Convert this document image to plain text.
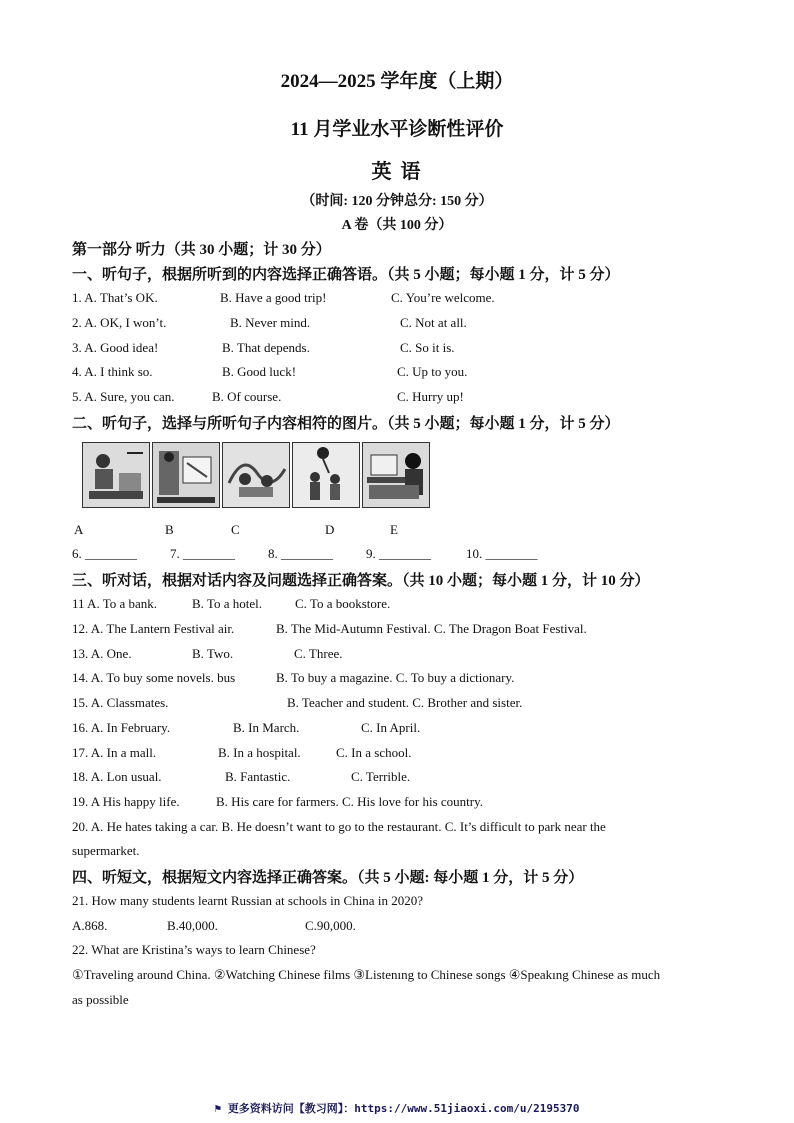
2024—2025 学年度（上期）
11 月学业水平诊断性评价
英 语
（时间: 120 分钟总分: 150 分）
A 卷（共 100 分）
第一部分 听力（共 30 小题；计 30 分）
一、听句子，根据所听到的内容选择正确答语。（共 5 小题；每小题 1 分，计 5 分）
1. A. That’s OK.	B. Have a good trip!	C. You’re welcome.
2. A. OK, I won’t.	B. Never mind.	C. Not at all.
3. A. Good idea!	B. That depends.	C. So it is.
4. A. I think so.	B. Good luck!	C. Up to you.
5. A. Sure, you can.	B. Of course.	C. Hurry up!
二、听句子，选择与所听句子内容相符的图片。（共 5 小题；每小题 1 分，计 5 分）
A	B	C	D	E
6. ________	7. ________	8. ________	9. ________	10. ________
三、听对话，根据对话内容及问题选择正确答案。（共 10 小题；每小题 1 分，计 10 分）
11 A. To a bank.	B. To a hotel.	C. To a bookstore.
12. A. The Lantern Festival air.	B. The Mid-Autumn Festival. C. The Dragon Boat Festival.
13. A. One.	B. Two.	C. Three.
14. A. To buy some novels. bus	B. To buy a magazine. C. To buy a dictionary.
15. A. Classmates.	B. Teacher and student. C. Brother and sister.
16. A. In February.	B. In March.	C. In April.
17. A. In a mall.	B. In a hospital.	C. In a school.
18. A. Lon usual.	B. Fantastic.	C. Terrible.
19. A His happy life.	B. His care for farmers. C. His love for his country.
20. A. He hates taking a car. B. He doesn’t want to go to the restaurant. C. It’s difficult to park near the
supermarket.
四、听短文，根据短文内容选择正确答案。（共 5 小题: 每小题 1 分，计 5 分）
21. How many students learnt Russian at schools in China in 2020?
A.868.	B.40,000.	C.90,000.
22. What are Kristina’s ways to learn Chinese?
①Traveling around China. ②Watching Chinese films ③Listenıng to Chinese songs ④Speakıng Chinese as much
as possible
⚑ 更多资料访问【教习网】：https://www.51jiaoxi.com/u/2195370
